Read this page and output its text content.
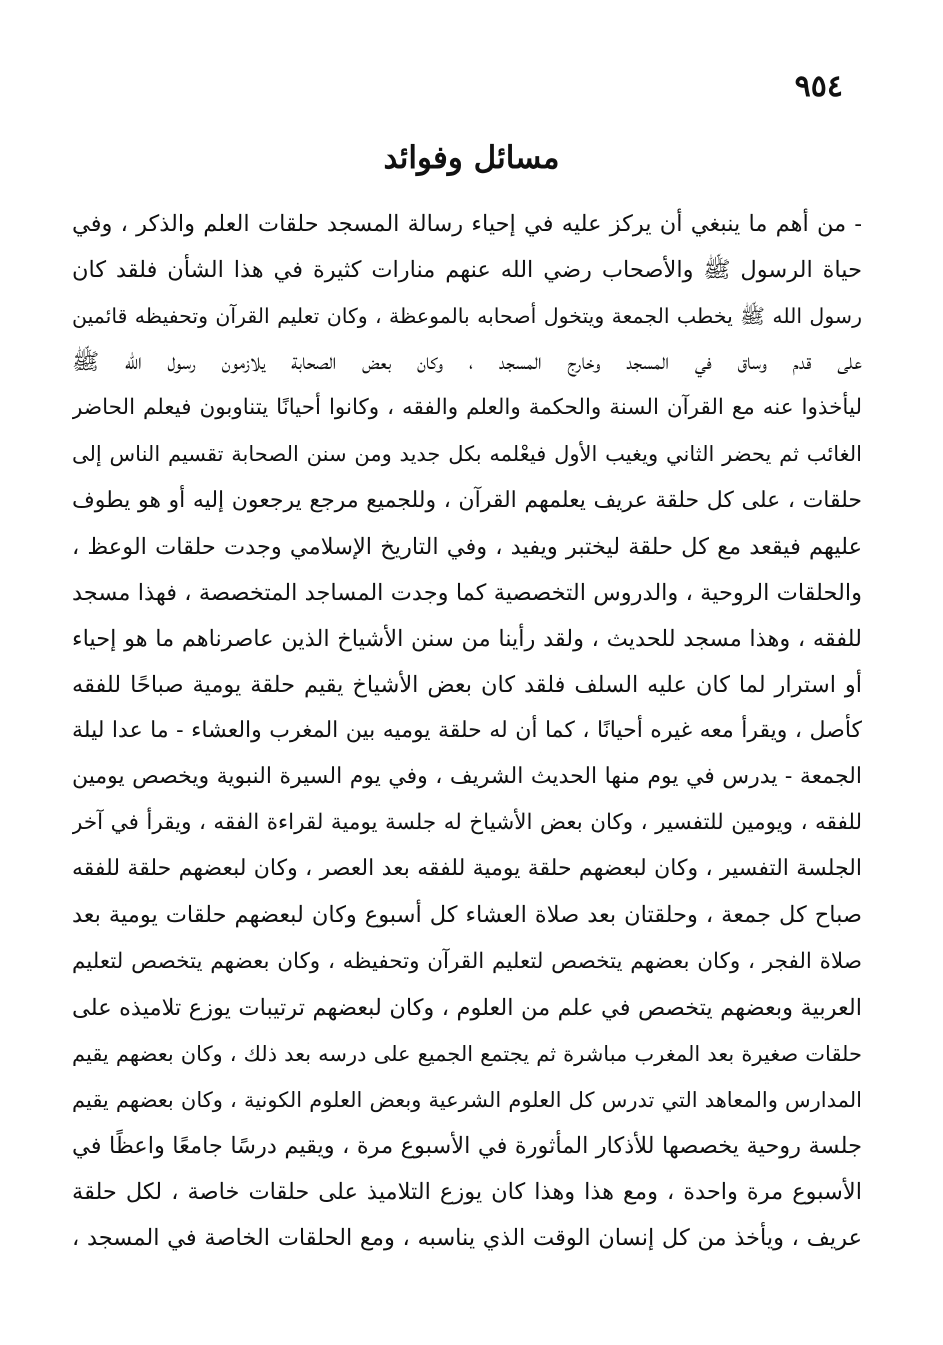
٩٥٤
مسائل وفوائد
- من أهم ما ينبغي أن يركز عليه في إحياء رسالة المسجد حلقات العلم والذكر ، وفي
حياة الرسول ﷺ والأصحاب رضي الله عنهم منارات كثيرة في هذا الشأن فلقد كان
رسول الله ﷺ يخطب الجمعة ويتخول أصحابه بالموعظة ، وكان تعليم القرآن وتحفيظه قائمين
على قدم وساق في المسجد وخارج المسجد ، وكان بعض الصحابة يلازمون رسول الله ﷺ
ليأخذوا عنه مع القرآن السنة والحكمة والعلم والفقه ، وكانوا أحيانًا يتناوبون فيعلم الحاضر
الغائب ثم يحضر الثاني ويغيب الأول فيعْلمه بكل جديد ومن سنن الصحابة تقسيم الناس إلى
حلقات ، على كل حلقة عريف يعلمهم القرآن ، وللجميع مرجع يرجعون إليه أو هو يطوف
عليهم فيقعد مع كل حلقة ليختبر ويفيد ، وفي التاريخ الإسلامي وجدت حلقات الوعظ ،
والحلقات الروحية ، والدروس التخصصية كما وجدت المساجد المتخصصة ، فهذا مسجد
للفقه ، وهذا مسجد للحديث ، ولقد رأينا من سنن الأشياخ الذين عاصرناهم ما هو إحياء
أو استرار لما كان عليه السلف فلقد كان بعض الأشياخ يقيم حلقة يومية صباحًا للفقه
كأصل ، ويقرأ معه غيره أحيانًا ، كما أن له حلقة يوميه بين المغرب والعشاء - ما عدا ليلة
الجمعة - يدرس في يوم منها الحديث الشريف ، وفي يوم السيرة النبوية ويخصص يومين
للفقه ، ويومين للتفسير ، وكان بعض الأشياخ له جلسة يومية لقراءة الفقه ، ويقرأ في آخر
الجلسة التفسير ، وكان لبعضهم حلقة يومية للفقه بعد العصر ، وكان لبعضهم حلقة للفقه
صباح كل جمعة ، وحلقتان بعد صلاة العشاء كل أسبوع وكان لبعضهم حلقات يومية بعد
صلاة الفجر ، وكان بعضهم يتخصص لتعليم القرآن وتحفيظه ، وكان بعضهم يتخصص لتعليم
العربية وبعضهم يتخصص في علم من العلوم ، وكان لبعضهم ترتيبات يوزع تلاميذه على
حلقات صغيرة بعد المغرب مباشرة ثم يجتمع الجميع على درسه بعد ذلك ، وكان بعضهم يقيم
المدارس والمعاهد التي تدرس كل العلوم الشرعية وبعض العلوم الكونية ، وكان بعضهم يقيم
جلسة روحية يخصصها للأذكار المأثورة في الأسبوع مرة ، ويقيم درسًا جامعًا واعظًا في
الأسبوع مرة واحدة ، ومع هذا وهذا كان يوزع التلاميذ على حلقات خاصة ، لكل حلقة
عريف ، ويأخذ من كل إنسان الوقت الذي يناسبه ، ومع الحلقات الخاصة في المسجد ،
